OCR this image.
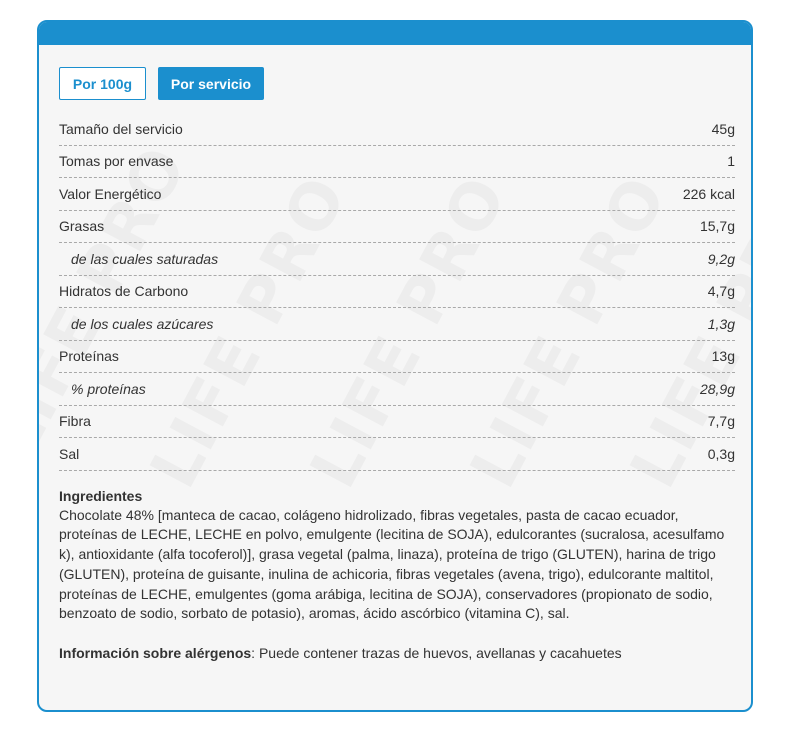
Por 100g	Por servicio
Tamaño del servicio	45g
Tomas por envase	1
Valor Energético	226 kcal
Grasas	15,7g
de las cuales saturadas	9,2g
Hidratos de Carbono	4,7g
de los cuales azúcares	1,3g
Proteínas	13g
% proteínas	28,9g
Fibra	7,7g
Sal	0,3g
Ingredientes
Chocolate 48% [manteca de cacao, colágeno hidrolizado, fibras vegetales, pasta de cacao ecuador, proteínas de LECHE, LECHE en polvo, emulgente (lecitina de SOJA), edulcorantes (sucralosa, acesulfamo k), antioxidante (alfa tocoferol)], grasa vegetal (palma, linaza), proteína de trigo (GLUTEN), harina de trigo (GLUTEN), proteína de guisante, inulina de achicoria, fibras vegetales (avena, trigo), edulcorante maltitol, proteínas de LECHE, emulgentes (goma arábiga, lecitina de SOJA), conservadores (propionato de sodio, benzoato de sodio, sorbato de potasio), aromas, ácido ascórbico (vitamina C), sal.
Información sobre alérgenos: Puede contener trazas de huevos, avellanas y cacahuetes
